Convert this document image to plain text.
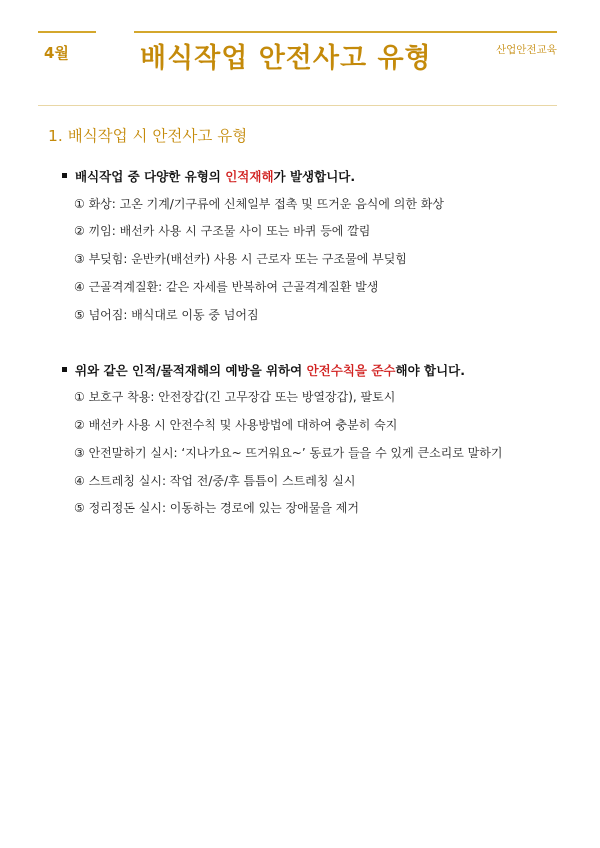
4월	배식작업 안전사고 유형	산업안전교육
1. 배식작업 시 안전사고 유형
배식작업 중 다양한 유형의 인적재해가 발생합니다.
① 화상: 고온 기계/기구류에 신체일부 접촉 및 뜨거운 음식에 의한 화상
② 끼임: 배선카 사용 시 구조물 사이 또는 바퀴 등에 깔림
③ 부딪힘: 운반카(배선카) 사용 시 근로자 또는 구조물에 부딪힘
④ 근골격계질환: 같은 자세를 반복하여 근골격계질환 발생
⑤ 넘어짐: 배식대로 이동 중 넘어짐
위와 같은 인적/물적재해의 예방을 위하여 안전수칙을 준수해야 합니다.
① 보호구 착용: 안전장갑(긴 고무장갑 또는 방열장갑), 팔토시
② 배선카 사용 시 안전수칙 및 사용방법에 대하여 충분히 숙지
③ 안전말하기 실시: ‘지나가요~ 뜨거워요~’ 동료가 들을 수 있게 큰소리로 말하기
④ 스트레칭 실시: 작업 전/중/후 틈틈이 스트레칭 실시
⑤ 정리정돈 실시: 이동하는 경로에 있는 장애물을 제거
